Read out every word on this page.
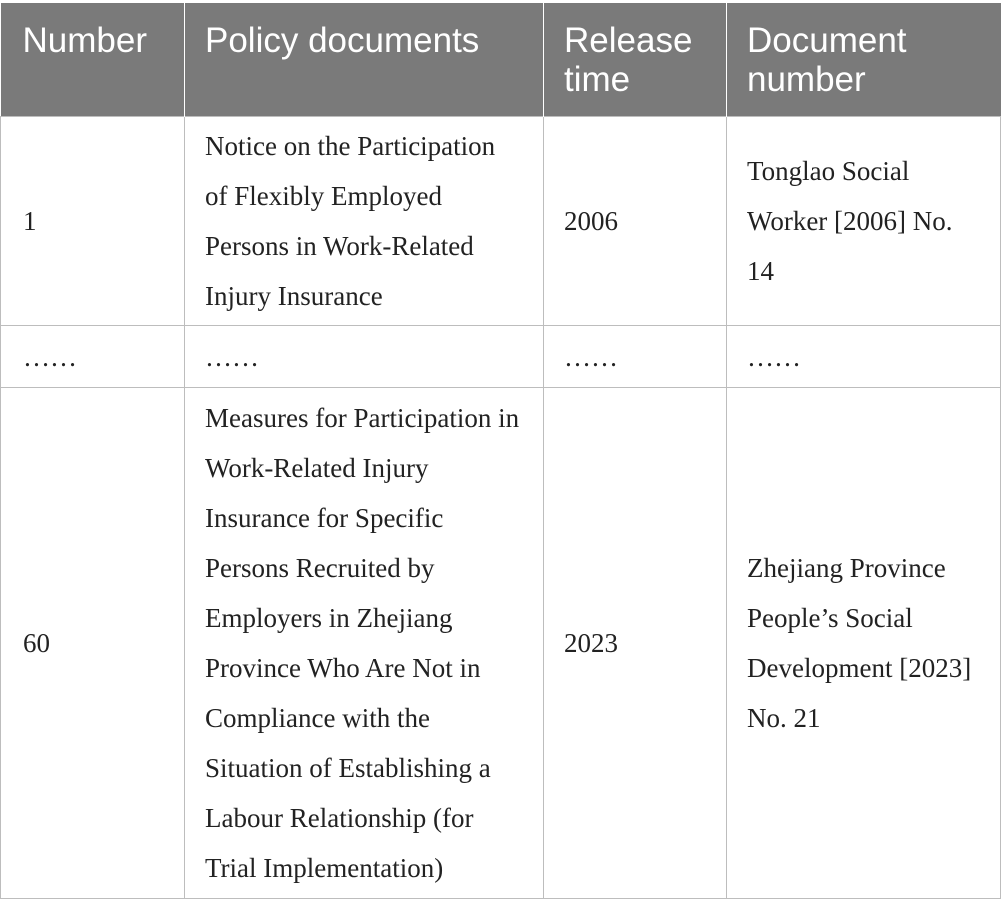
Number	Policy documents	Release time	Document number
1	Notice on the Participation of Flexibly Employed Persons in Work-Related Injury Insurance	2006	Tonglao Social Worker [2006] No. 14
……	……	……	……
60	Measures for Participation in Work-Related Injury Insurance for Specific Persons Recruited by Employers in Zhejiang Province Who Are Not in Compliance with the Situation of Establishing a Labour Relationship (for Trial Implementation)	2023	Zhejiang Province People’s Social Development [2023] No. 21
